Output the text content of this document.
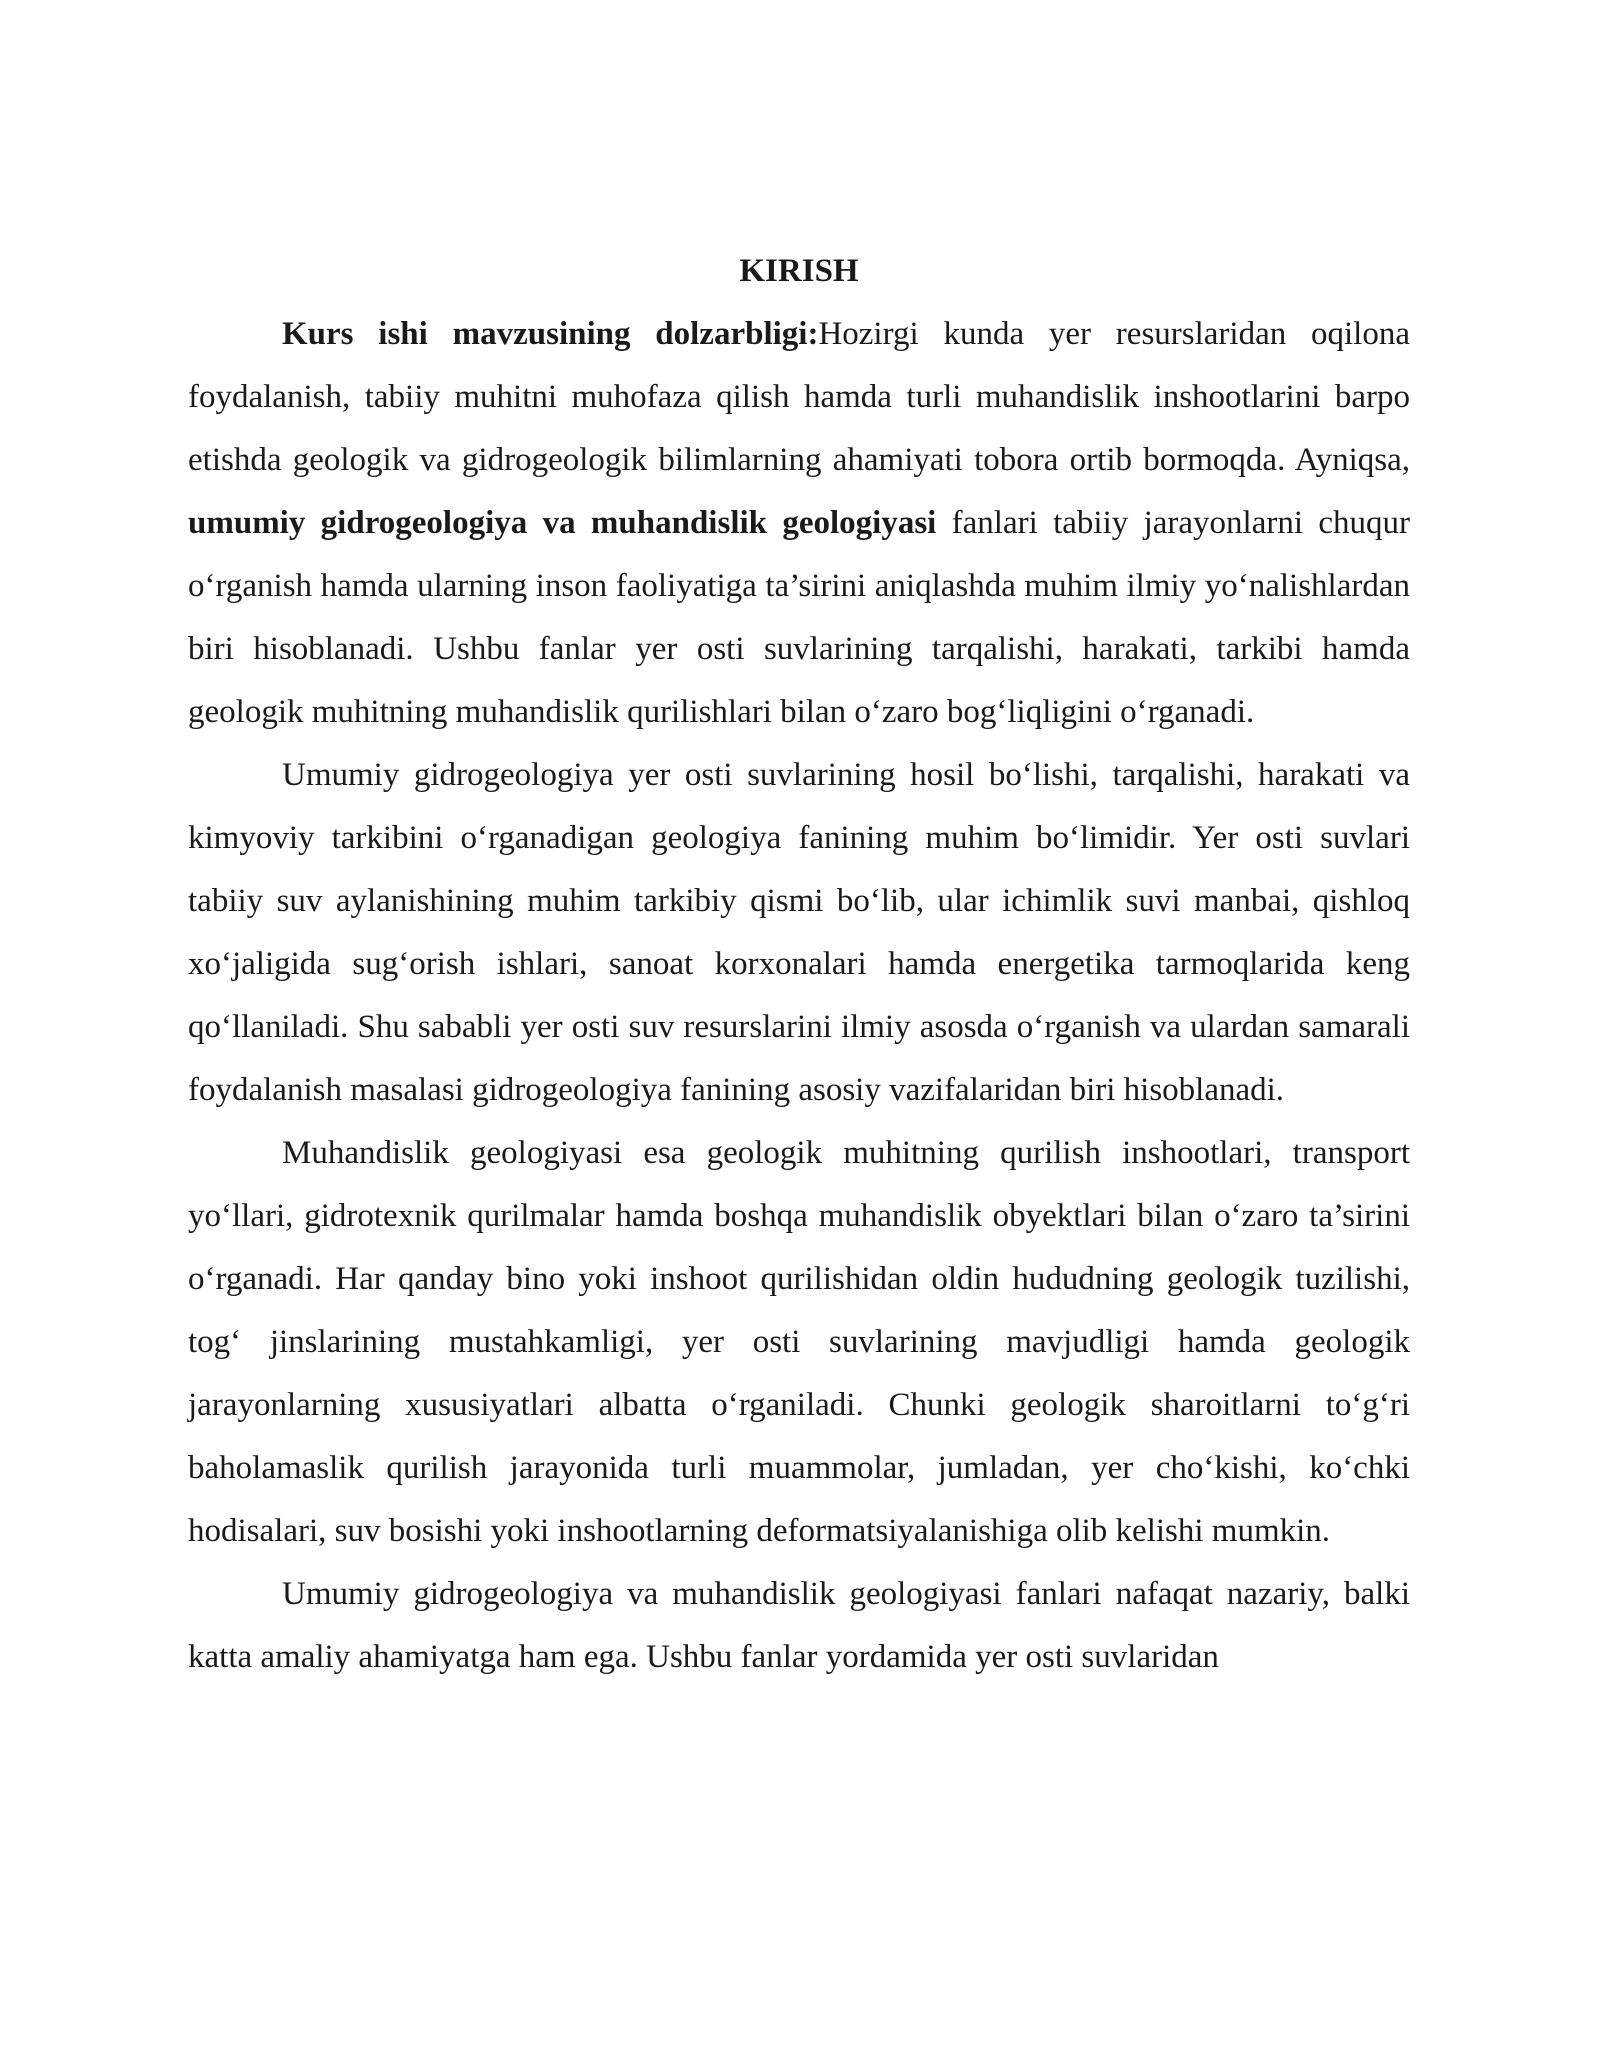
KIRISH

Kurs ishi mavzusining dolzarbligi:Hozirgi kunda yer resurslaridan oqilona foydalanish, tabiiy muhitni muhofaza qilish hamda turli muhandislik inshootlarini barpo etishda geologik va gidrogeologik bilimlarning ahamiyati tobora ortib bormoqda. Ayniqsa, umumiy gidrogeologiya va muhandislik geologiyasi fanlari tabiiy jarayonlarni chuqur o‘rganish hamda ularning inson faoliyatiga ta’sirini aniqlashda muhim ilmiy yo‘nalishlardan biri hisoblanadi. Ushbu fanlar yer osti suvlarining tarqalishi, harakati, tarkibi hamda geologik muhitning muhandislik qurilishlari bilan o‘zaro bog‘liqligini o‘rganadi.

Umumiy gidrogeologiya yer osti suvlarining hosil bo‘lishi, tarqalishi, harakati va kimyoviy tarkibini o‘rganadigan geologiya fanining muhim bo‘limidir. Yer osti suvlari tabiiy suv aylanishining muhim tarkibiy qismi bo‘lib, ular ichimlik suvi manbai, qishloq xo‘jaligida sug‘orish ishlari, sanoat korxonalari hamda energetika tarmoqlarida keng qo‘llaniladi. Shu sababli yer osti suv resurslarini ilmiy asosda o‘rganish va ulardan samarali foydalanish masalasi gidrogeologiya fanining asosiy vazifalaridan biri hisoblanadi.

Muhandislik geologiyasi esa geologik muhitning qurilish inshootlari, transport yo‘llari, gidrotexnik qurilmalar hamda boshqa muhandislik obyektlari bilan o‘zaro ta’sirini o‘rganadi. Har qanday bino yoki inshoot qurilishidan oldin hududning geologik tuzilishi, tog‘ jinslarining mustahkamligi, yer osti suvlarining mavjudligi hamda geologik jarayonlarning xususiyatlari albatta o‘rganiladi. Chunki geologik sharoitlarni to‘g‘ri baholamaslik qurilish jarayonida turli muammolar, jumladan, yer cho‘kishi, ko‘chki hodisalari, suv bosishi yoki inshootlarning deformatsiyalanishiga olib kelishi mumkin.

Umumiy gidrogeologiya va muhandislik geologiyasi fanlari nafaqat nazariy, balki katta amaliy ahamiyatga ham ega. Ushbu fanlar yordamida yer osti suvlaridan
